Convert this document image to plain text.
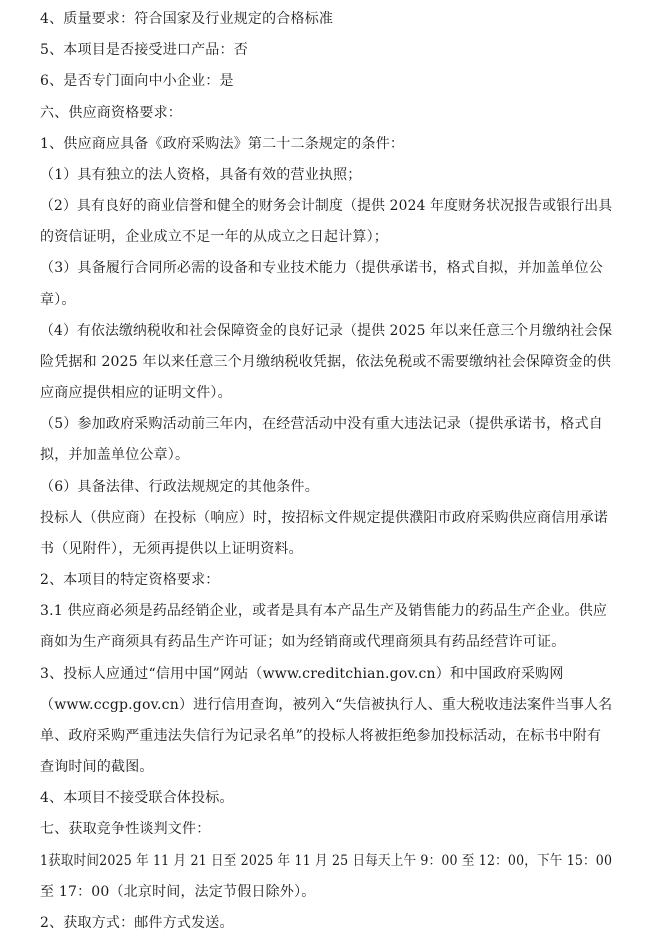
4、质量要求：符合国家及行业规定的合格标准
5、本项目是否接受进口产品：否
6、是否专门面向中小企业：是
六、供应商资格要求：
1、供应商应具备《政府采购法》第二十二条规定的条件：
（1）具有独立的法人资格，具备有效的营业执照；
（2）具有良好的商业信誉和健全的财务会计制度（提供 2024 年度财务状况报告或银行出具
的资信证明，企业成立不足一年的从成立之日起计算）；
（3）具备履行合同所必需的设备和专业技术能力（提供承诺书，格式自拟，并加盖单位公
章）。
（4）有依法缴纳税收和社会保障资金的良好记录（提供 2025 年以来任意三个月缴纳社会保
险凭据和 2025 年以来任意三个月缴纳税收凭据，依法免税或不需要缴纳社会保障资金的供
应商应提供相应的证明文件）。
（5）参加政府采购活动前三年内，在经营活动中没有重大违法记录（提供承诺书，格式自
拟，并加盖单位公章）。
（6）具备法律、行政法规规定的其他条件。
投标人（供应商）在投标（响应）时，按招标文件规定提供濮阳市政府采购供应商信用承诺
书（见附件），无须再提供以上证明资料。
2、本项目的特定资格要求：
3.1 供应商必须是药品经销企业，或者是具有本产品生产及销售能力的药品生产企业。供应
商如为生产商须具有药品生产许可证；如为经销商或代理商须具有药品经营许可证。
3、投标人应通过“信用中国”网站（www.creditchian.gov.cn）和中国政府采购网
（www.ccgp.gov.cn）进行信用查询，被列入“失信被执行人、重大税收违法案件当事人名
单、政府采购严重违法失信行为记录名单”的投标人将被拒绝参加投标活动，在标书中附有
查询时间的截图。
4、本项目不接受联合体投标。
七、获取竞争性谈判文件：
1获取时间2025 年 11 月 21 日至 2025 年 11 月 25 日每天上午 9：00 至 12：00，下午 15：00
至 17：00（北京时间，法定节假日除外）。
2、获取方式：邮件方式发送。
